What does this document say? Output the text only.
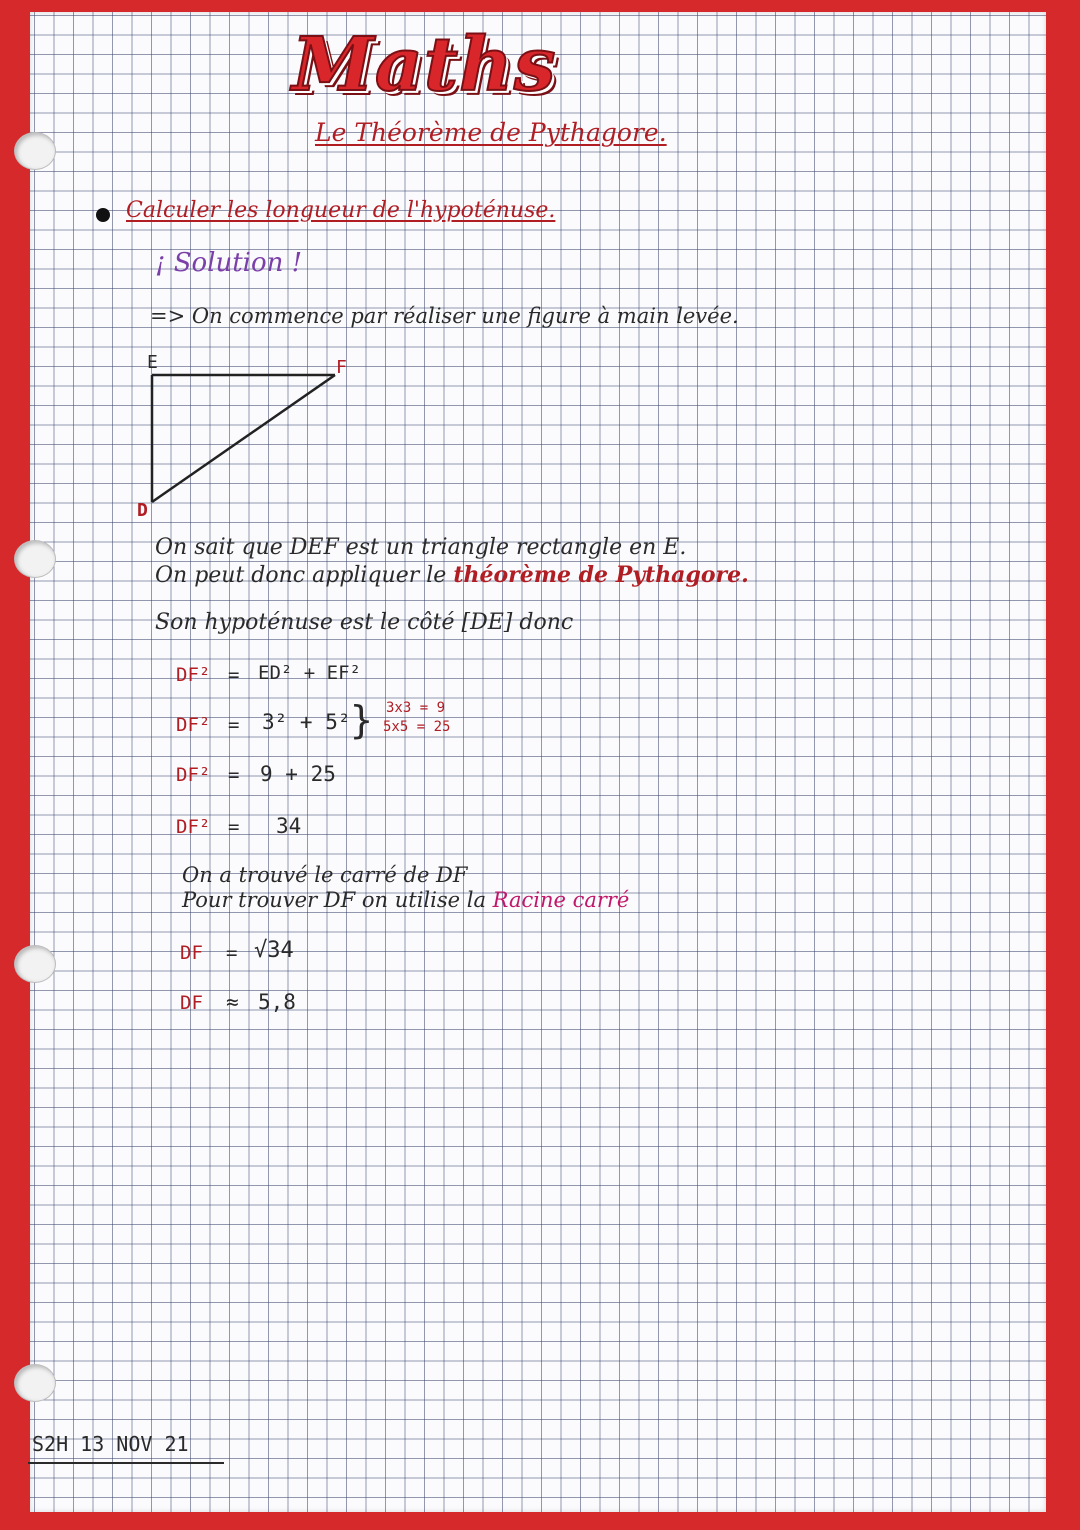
Maths
Le Théorème de Pythagore.
Calculer les longueur de l'hypoténuse.
¡ Solution !
=> On commence par réaliser une figure à main levée.
E	F
D
On sait que DEF est un triangle rectangle en E.
On peut donc appliquer le théorème de Pythagore.
Son hypoténuse est le côté [DE] donc
DF² = ED² + EF²
DF² = 3² + 5² } 3x3 = 9
5x5 = 25
DF² = 9 + 25
DF² = 34
On a trouvé le carré de DF
Pour trouver DF on utilise la Racine carré
DF = √34
DF ≈ 5,8
S2H 13 NOV 21
